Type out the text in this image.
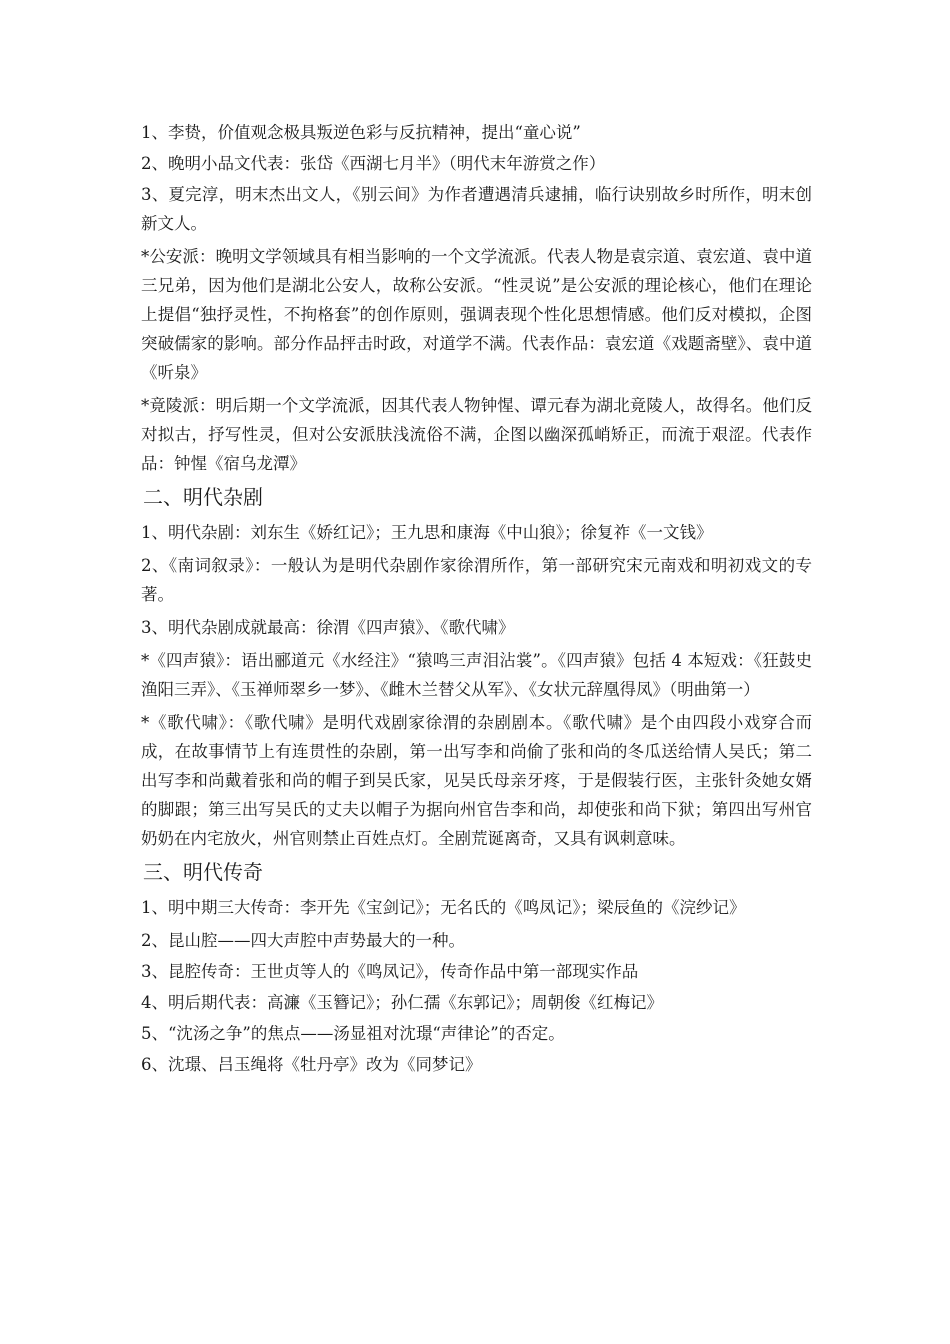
1、李贽，价值观念极具叛逆色彩与反抗精神，提出“童心说”

2、晚明小品文代表：张岱《西湖七月半》（明代末年游赏之作）

3、夏完淳，明末杰出文人，《别云间》为作者遭遇清兵逮捕，临行诀别故乡时所作，明末创新文人。

*公安派：晚明文学领域具有相当影响的一个文学流派。代表人物是袁宗道、袁宏道、袁中道三兄弟，因为他们是湖北公安人，故称公安派。“性灵说”是公安派的理论核心，他们在理论上提倡“独抒灵性，不拘格套”的创作原则，强调表现个性化思想情感。他们反对模拟，企图突破儒家的影响。部分作品抨击时政，对道学不满。代表作品：袁宏道《戏题斋壁》、袁中道《听泉》

*竟陵派：明后期一个文学流派，因其代表人物钟惺、谭元春为湖北竟陵人，故得名。他们反对拟古，抒写性灵，但对公安派肤浅流俗不满，企图以幽深孤峭矫正，而流于艰涩。代表作品：钟惺《宿乌龙潭》

二、明代杂剧

1、明代杂剧：刘东生《娇红记》；王九思和康海《中山狼》；徐复祚《一文钱》

2、《南词叙录》：一般认为是明代杂剧作家徐渭所作，第一部研究宋元南戏和明初戏文的专著。

3、明代杂剧成就最高：徐渭《四声猿》、《歌代啸》

*《四声猿》：语出郦道元《水经注》“猿鸣三声泪沾裳”。《四声猿》包括 4 本短戏：《狂鼓史渔阳三弄》、《玉禅师翠乡一梦》、《雌木兰替父从军》、《女状元辞凰得凤》（明曲第一）

*《歌代啸》：《歌代啸》是明代戏剧家徐渭的杂剧剧本。《歌代啸》是个由四段小戏穿合而成，在故事情节上有连贯性的杂剧，第一出写李和尚偷了张和尚的冬瓜送给情人吴氏；第二出写李和尚戴着张和尚的帽子到吴氏家，见吴氏母亲牙疼，于是假装行医，主张针灸她女婿的脚跟；第三出写吴氏的丈夫以帽子为据向州官告李和尚，却使张和尚下狱；第四出写州官奶奶在内宅放火，州官则禁止百姓点灯。全剧荒诞离奇，又具有讽刺意味。

三、明代传奇

1、明中期三大传奇：李开先《宝剑记》；无名氏的《鸣凤记》；梁辰鱼的《浣纱记》

2、昆山腔——四大声腔中声势最大的一种。

3、昆腔传奇：王世贞等人的《鸣凤记》，传奇作品中第一部现实作品

4、明后期代表：高濂《玉簪记》；孙仁孺《东郭记》；周朝俊《红梅记》

5、“沈汤之争”的焦点——汤显祖对沈璟“声律论”的否定。

6、沈璟、吕玉绳将《牡丹亭》改为《同梦记》
